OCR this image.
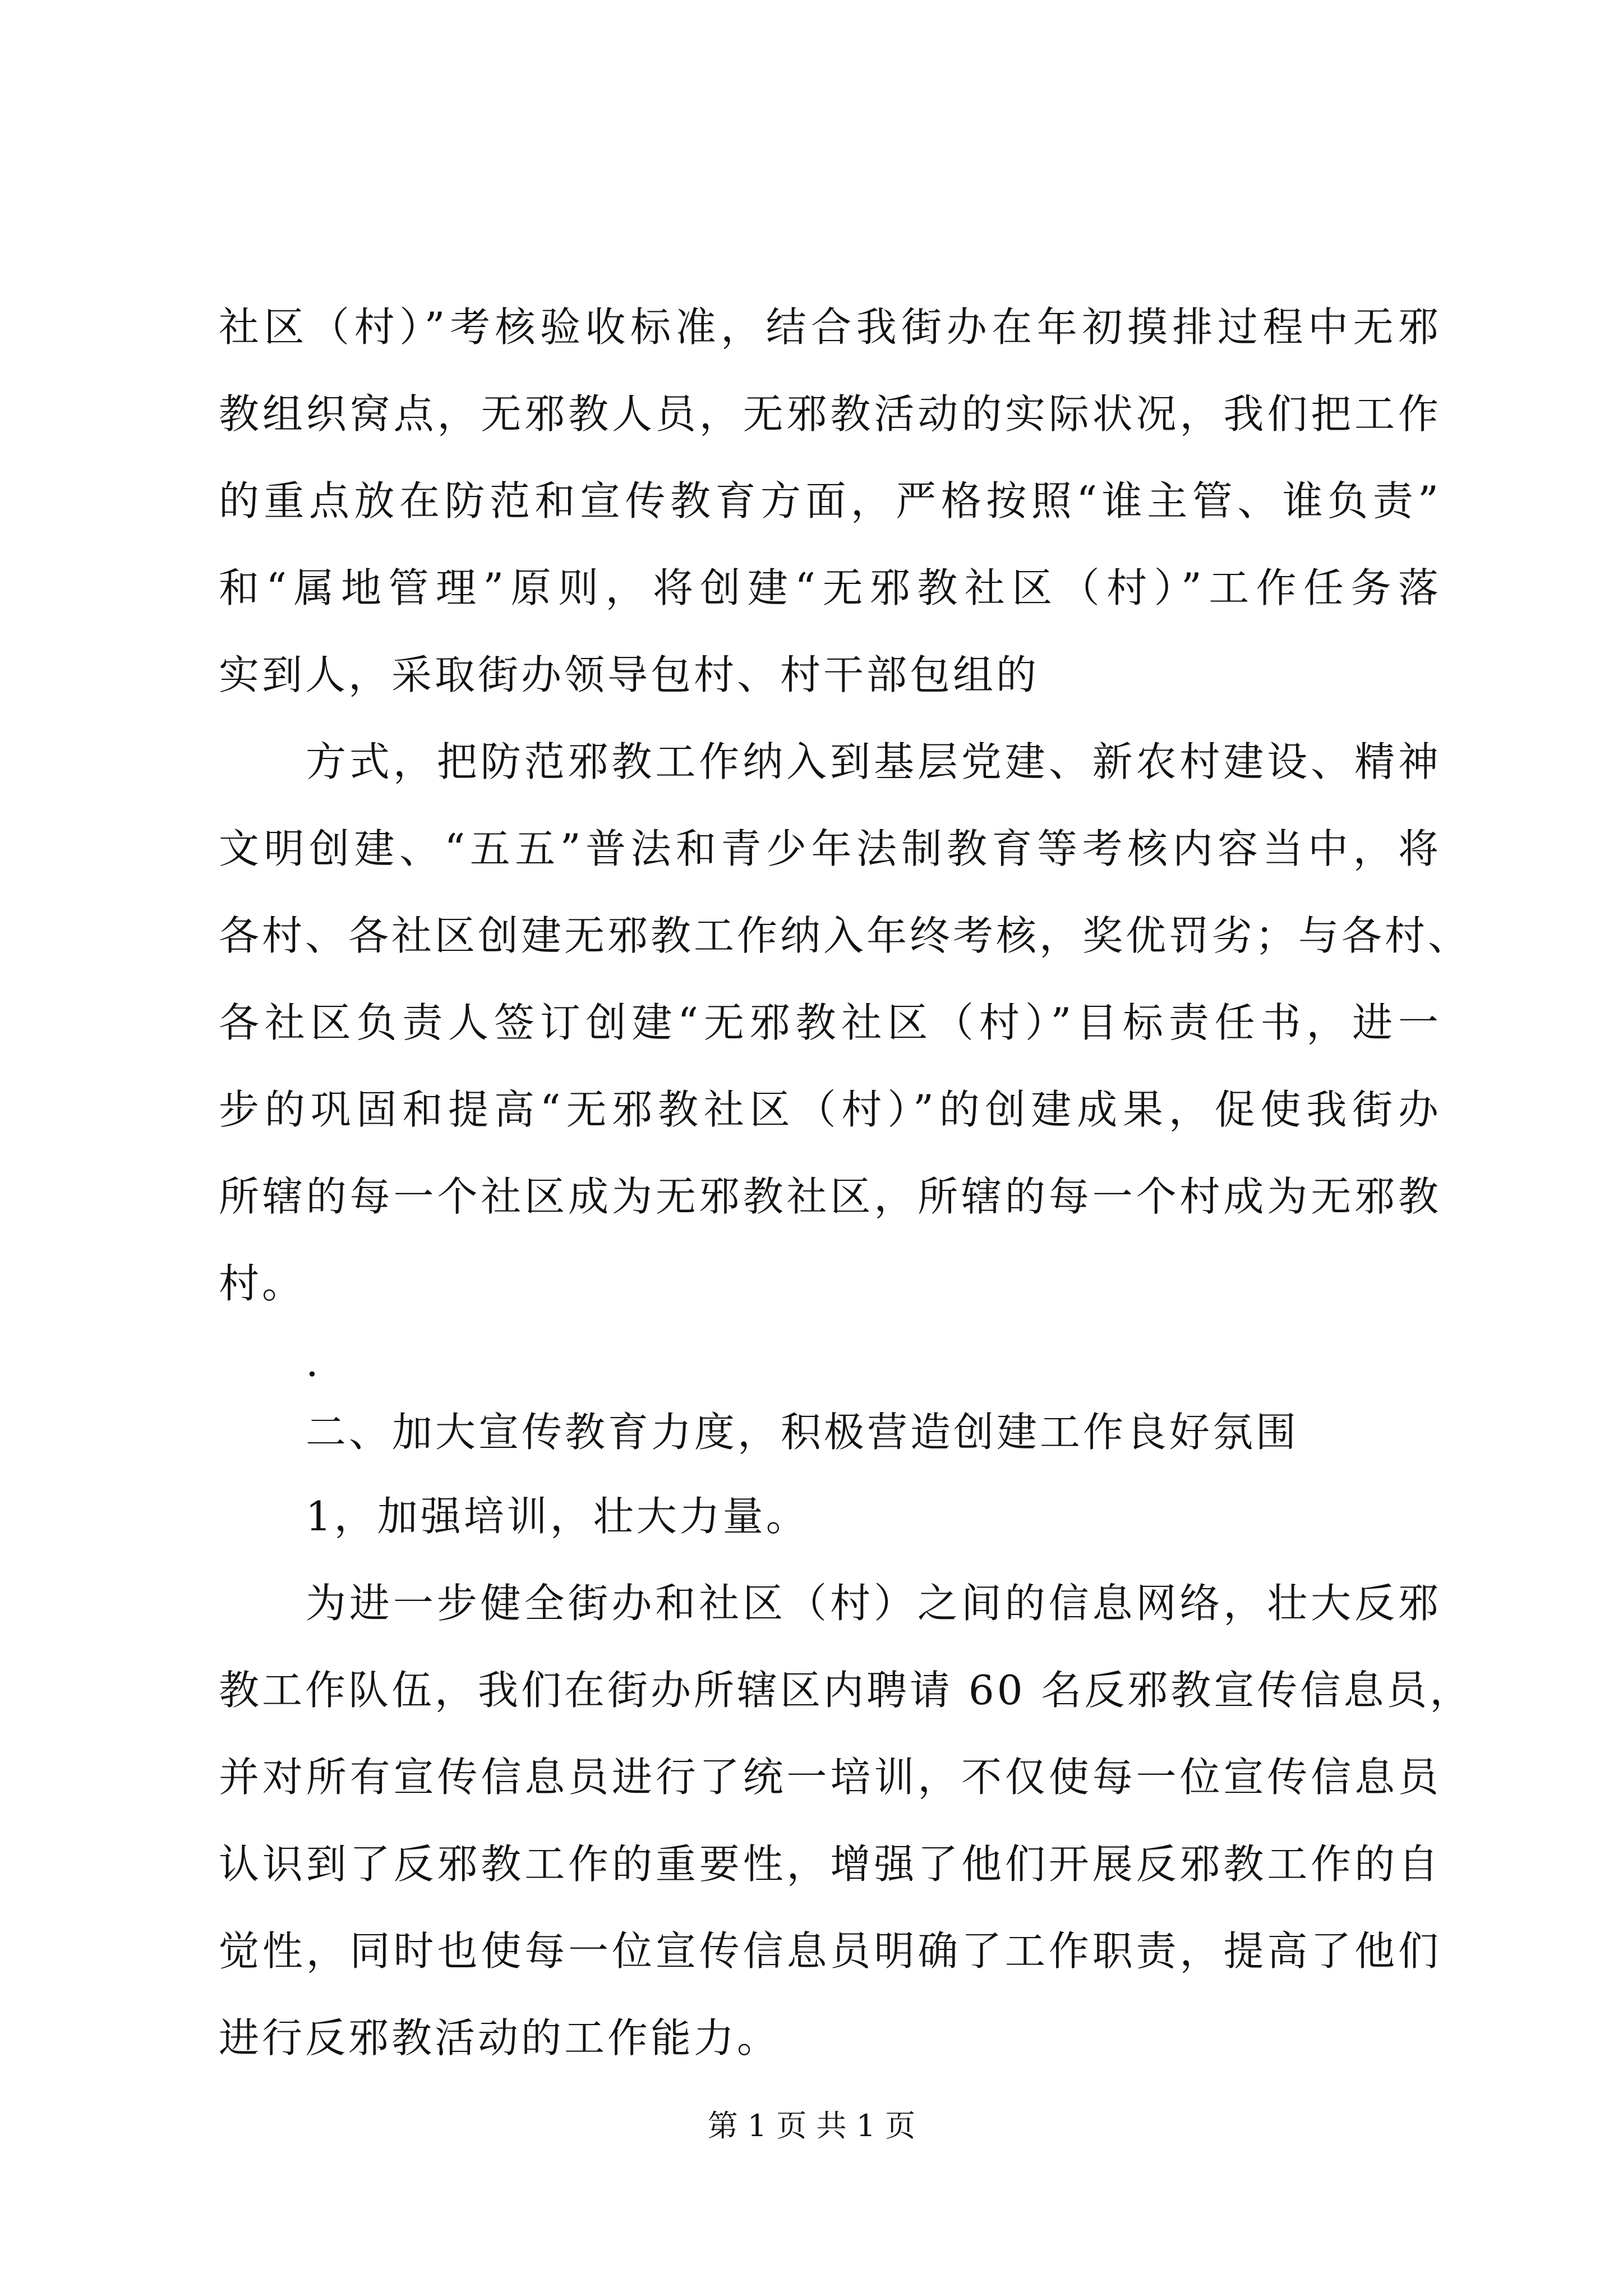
社区（村）”考核验收标准，结合我街办在年初摸排过程中无邪
教组织窝点，无邪教人员，无邪教活动的实际状况，我们把工作
的重点放在防范和宣传教育方面，严格按照“谁主管、谁负责”
和“属地管理”原则，将创建“无邪教社区（村）”工作任务落
实到人，采取街办领导包村、村干部包组的
方式，把防范邪教工作纳入到基层党建、新农村建设、精神
文明创建、“五五”普法和青少年法制教育等考核内容当中，将
各村、各社区创建无邪教工作纳入年终考核，奖优罚劣；与各村、
各社区负责人签订创建“无邪教社区（村）”目标责任书，进一
步的巩固和提高“无邪教社区（村）”的创建成果，促使我街办
所辖的每一个社区成为无邪教社区，所辖的每一个村成为无邪教
村。
.
二、加大宣传教育力度，积极营造创建工作良好氛围
1，加强培训，壮大力量。
为进一步健全街办和社区（村）之间的信息网络，壮大反邪
教工作队伍，我们在街办所辖区内聘请 60 名反邪教宣传信息员，
并对所有宣传信息员进行了统一培训，不仅使每一位宣传信息员
认识到了反邪教工作的重要性，增强了他们开展反邪教工作的自
觉性，同时也使每一位宣传信息员明确了工作职责，提高了他们
进行反邪教活动的工作能力。
第 1 页 共 1 页
